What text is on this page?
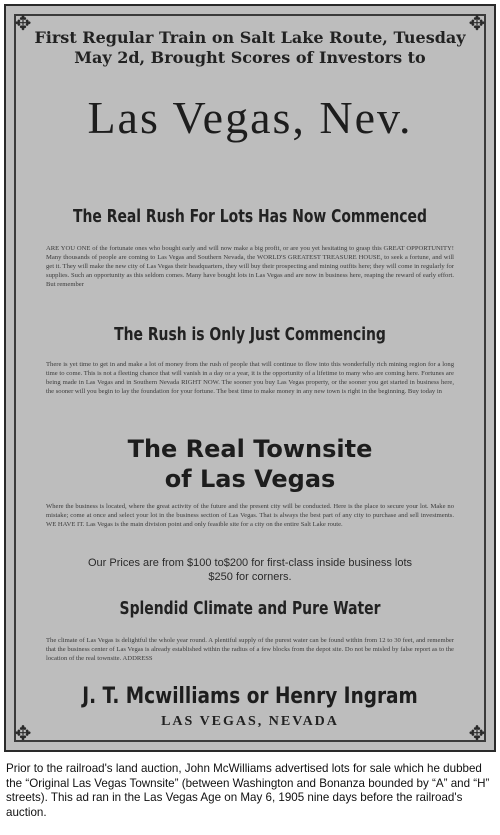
✥	✥
✥	✥
First Regular Train on Salt Lake Route, Tuesday May 2d, Brought Scores of Investors to
Las Vegas, Nev.
The Real Rush For Lots Has Now Commenced
ARE YOU ONE of the fortunate ones who bought early and will now make a big profit, or are you yet hesitating to grasp this GREAT OPPORTUNITY! Many thousands of people are coming to Las Vegas and Southern Nevada, the WORLD'S GREATEST TREASURE HOUSE, to seek a fortune, and will get it. They will make the new city of Las Vegas their headquarters, they will buy their prospecting and mining outfits here; they will come in regularly for supplies. Such an opportunity as this seldom comes. Many have bought lots in Las Vegas and are now in business here, reaping the reward of early effort. But remember
The Rush is Only Just Commencing
There is yet time to get in and make a lot of money from the rush of people that will continue to flow into this wonderfully rich mining region for a long time to come. This is not a fleeting chance that will vanish in a day or a year, it is the opportunity of a lifetime to many who are coming here. Fortunes are being made in Las Vegas and in Southern Nevada RIGHT NOW. The sooner you buy Las Vegas property, or the sooner you get started in business here, the sooner will you begin to lay the foundation for your fortune. The best time to make money in any new town is right in the beginning. Buy today in
The Real Townsite
of Las Vegas
Where the business is located, where the great activity of the future and the present city will be conducted. Here is the place to secure your lot. Make no mistake; come at once and select your lot in the business section of Las Vegas. That is always the best part of any city to purchase and sell investments. WE HAVE IT. Las Vegas is the main division point and only feasible site for a city on the entire Salt Lake route.
Our Prices are from $100 to$200 for first-class inside business lots
$250 for corners.
Splendid Climate and Pure Water
The climate of Las Vegas is delightful the whole year round. A plentiful supply of the purest water can be found within from 12 to 30 feet, and remember that the business center of Las Vegas is already established within the radius of a few blocks from the depot site. Do not be misled by false report as to the location of the real townsite. ADDRESS
J. T. Mcwilliams or Henry Ingram
LAS VEGAS, NEVADA
Prior to the railroad's land auction, John McWilliams advertised lots for sale which he dubbed the “Original Las Vegas Townsite” (between Washington and Bonanza bounded by “A” and “H” streets). This ad ran in the Las Vegas Age on May 6, 1905 nine days before the railroad's auction.
